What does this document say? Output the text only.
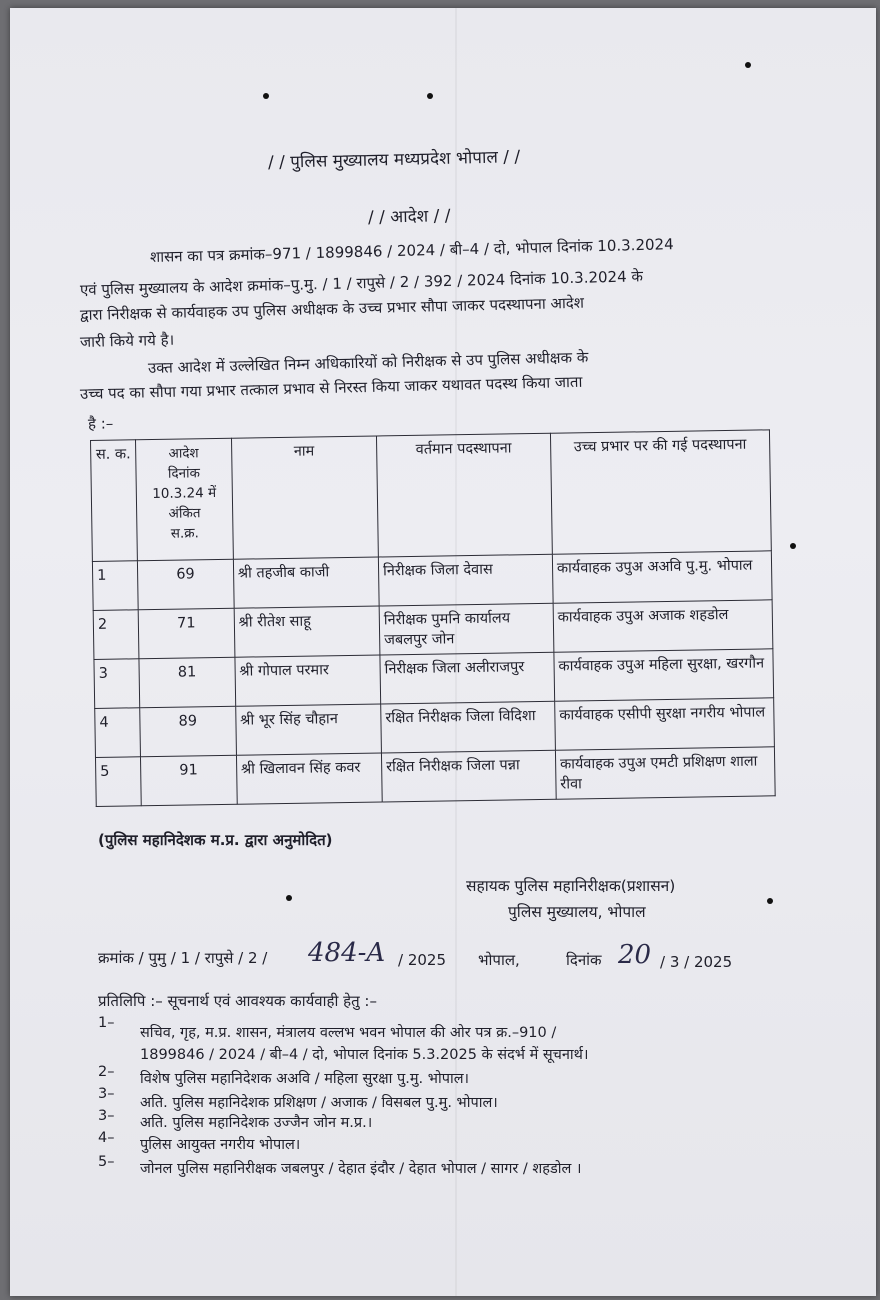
/ / पुलिस मुख्यालय मध्यप्रदेश भोपाल / /
/ / आदेश / /
शासन का पत्र क्रमांक–971 / 1899846 / 2024 / बी–4 / दो, भोपाल दिनांक 10.3.2024
एवं पुलिस मुख्यालय के आदेश क्रमांक–पु.मु. / 1 / रापुसे / 2 / 392 / 2024 दिनांक 10.3.2024 के
द्वारा निरीक्षक से कार्यवाहक उप पुलिस अधीक्षक के उच्च प्रभार सौपा जाकर पदस्थापना आदेश
जारी किये गये है।
उक्त आदेश में उल्लेखित निम्न अधिकारियों को निरीक्षक से उप पुलिस अधीक्षक के
उच्च पद का सौपा गया प्रभार तत्काल प्रभाव से निरस्त किया जाकर यथावत पदस्थ किया जाता
है :–
स. क.	आदेश
दिनांक
10.3.24 में
अंकित
स.क्र.	नाम	वर्तमान पदस्थापना	उच्च प्रभार पर की गई पदस्थापना
1	69	श्री तहजीब काजी	निरीक्षक जिला देवास	कार्यवाहक उपुअ अअवि पु.मु. भोपाल
2	71	श्री रीतेश साहू	निरीक्षक पुमनि कार्यालय जबलपुर जोन	कार्यवाहक उपुअ अजाक शहडोल
3	81	श्री गोपाल परमार	निरीक्षक जिला अलीराजपुर	कार्यवाहक उपुअ महिला सुरक्षा, खरगौन
4	89	श्री भूर सिंह चौहान	रक्षित निरीक्षक जिला विदिशा	कार्यवाहक एसीपी सुरक्षा नगरीय भोपाल
5	91	श्री खिलावन सिंह कवर	रक्षित निरीक्षक जिला पन्ना	कार्यवाहक उपुअ एमटी प्रशिक्षण शाला रीवा
(पुलिस महानिदेशक म.प्र. द्वारा अनुमोदित)
सहायक पुलिस महानिरीक्षक(प्रशासन)
पुलिस मुख्यालय, भोपाल
क्रमांक / पुमु / 1 / रापुसे / 2 / 484-A / 2025 भोपाल,	दिनांक 20 / 3 / 2025
प्रतिलिपि :– सूचनार्थ एवं आवश्यक कार्यवाही हेतु :–
1–
सचिव, गृह, म.प्र. शासन, मंत्रालय वल्लभ भवन भोपाल की ओर पत्र क्र.–910 /
1899846 / 2024 / बी–4 / दो, भोपाल दिनांक 5.3.2025 के संदर्भ में सूचनार्थ।
2– विशेष पुलिस महानिदेशक अअवि / महिला सुरक्षा पु.मु. भोपाल।
3–
अति. पुलिस महानिदेशक प्रशिक्षण / अजाक / विसबल पु.मु. भोपाल।
3– अति. पुलिस महानिदेशक उज्जैन जोन म.प्र.।
4– पुलिस आयुक्त नगरीय भोपाल।
5– जोनल पुलिस महानिरीक्षक जबलपुर / देहात इंदौर / देहात भोपाल / सागर / शहडोल ।
